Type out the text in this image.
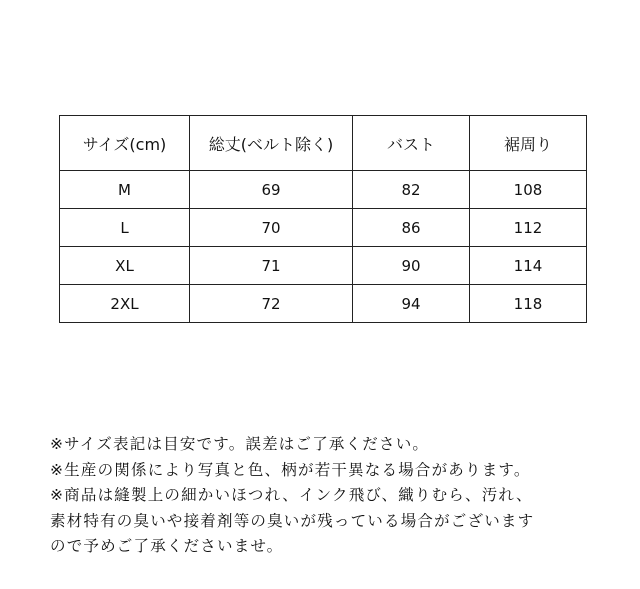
サイズ(cm)	総丈(ベルト除く)	バスト	裾周り
M	69	82	108
L	70	86	112
XL	71	90	114
2XL	72	94	118
※サイズ表記は目安です。誤差はご了承ください。
※生産の関係により写真と色、柄が若干異なる場合があります。
※商品は縫製上の細かいほつれ、インク飛び、織りむら、汚れ、
素材特有の臭いや接着剤等の臭いが残っている場合がございます
ので予めご了承くださいませ。
